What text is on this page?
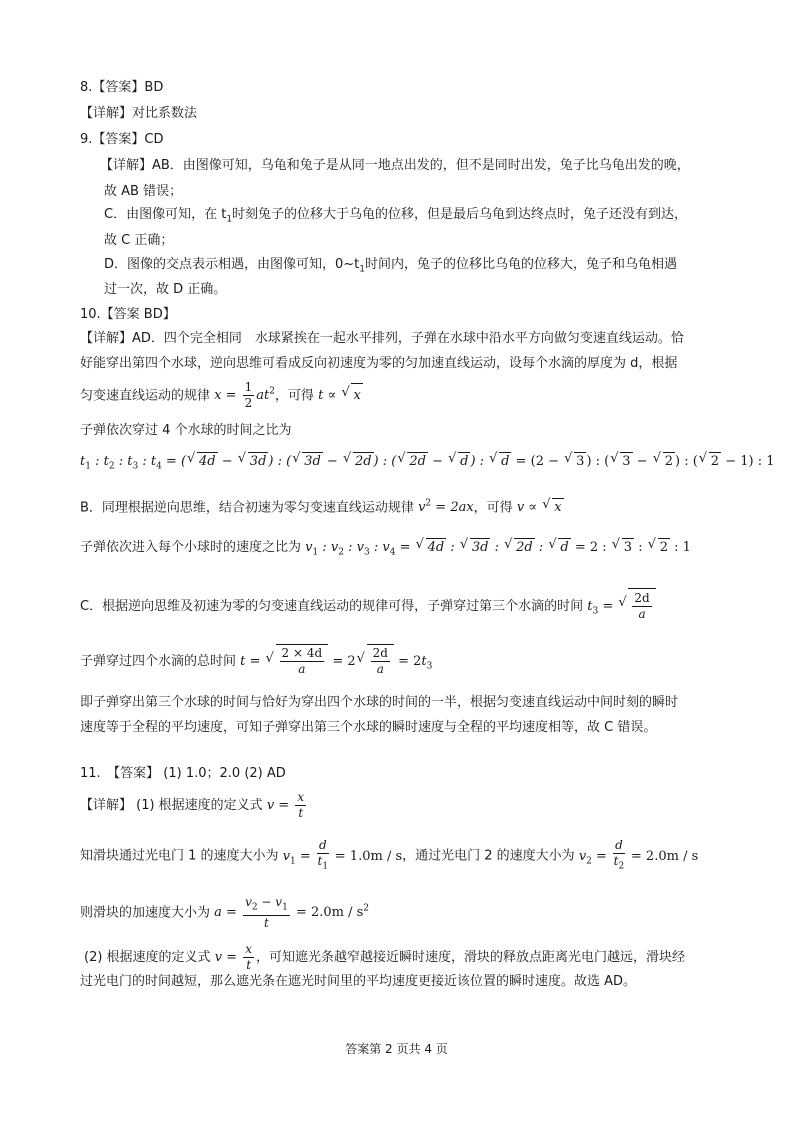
8.【答案】BD
【详解】对比系数法
9.【答案】CD
【详解】AB．由图像可知，乌龟和兔子是从同一地点出发的，但不是同时出发，兔子比乌龟出发的晚，
故 AB 错误；
C．由图像可知，在 $t_1$时刻兔子的位移大于乌龟的位移，但是最后乌龟到达终点时，兔子还没有到达，
故 C 正确；
D．图像的交点表示相遇，由图像可知，$0\sim t_1$时间内，兔子的位移比乌龟的位移大，兔子和乌龟相遇
过一次，故 D 正确。
10.【答案 BD】
【详解】AD．四个完全相同　水球紧挨在一起水平排列，子弹在水球中沿水平方向做匀变速直线运动。恰
好能穿出第四个水球，逆向思维可看成反向初速度为零的匀加速直线运动，设每个水滴的厚度为 d，根据
匀变速直线运动的规律 $x = \frac{1}{2} at^2$，可得 t ∝ √ x
子弹依次穿过 4 个水球的时间之比为
$t_1$ : $t_2$ : $t_3$ : $t_4$ = ( √ 4d − √ 3d ) : ( √ 3d − √ 2d ) : ( √ 2d − √ d ) : √ d = (2 − √ 3 ) : ( √ 3 − √ 2 ) : ( √ 2 − 1) : 1
B．同理根据逆向思维，结合初速为零匀变速直线运动规律 $v^2 = 2ax$，可得 v ∝ √ x
子弹依次进入每个小球时的速度之比为 $v_1$ : $v_2$ : $v_3$ : $v_4$ = √ 4d : √ 3d : √ 2d : √ d = 2 : √ 3 : √ 2 : 1
C．根据逆向思维及初速为零的匀变速直线运动的规律可得，子弹穿过第三个水滴的时间 $t_3$ = √ $\frac{2d}{a}$
子弹穿过四个水滴的总时间 t = √ $\frac{2 \times 4d}{a} = 2$ √ $\frac{2d}{a} = 2t_3$
即子弹穿出第三个水球的时间与恰好为穿出四个水球的时间的一半，根据匀变速直线运动中间时刻的瞬时
速度等于全程的平均速度，可知子弹穿出第三个水球的瞬时速度与全程的平均速度相等，故 C 错误。
11.　【答案】 (1) 1.0；2.0 (2) AD
【详解】 (1) 根据速度的定义式 $v = \frac{x}{t}$
知滑块通过光电门 1 的速度大小为 $v_1 = \frac{d}{t_1} = 1.0m / s$，通过光电门 2 的速度大小为 $v_2 = \frac{d}{t_2} = 2.0m / s$
则滑块的加速度大小为 $a = \frac{v_2 - v_1}{t} = 2.0m / s^2$
(2) 根据速度的定义式 $v = \frac{x}{t}$ ，可知遮光条越窄越接近瞬时速度，滑块的释放点距离光电门越远，滑块经
过光电门的时间越短，那么遮光条在遮光时间里的平均速度更接近该位置的瞬时速度。故选 AD。
答案第 2 页共 4 页
